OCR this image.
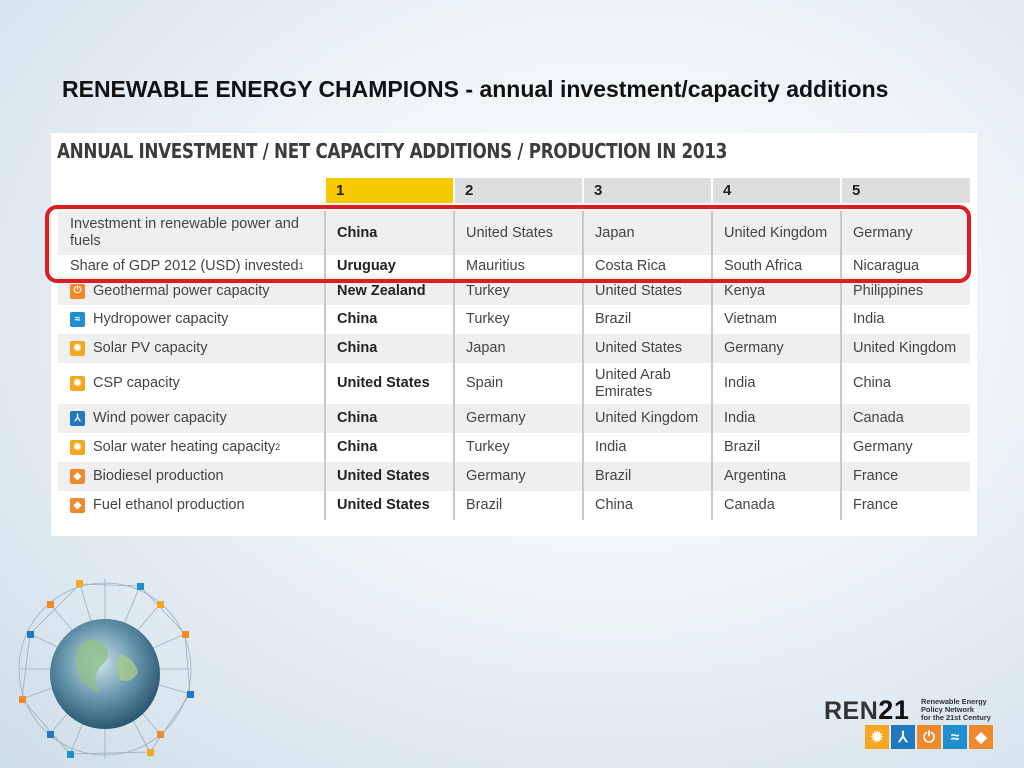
RENEWABLE ENERGY CHAMPIONS - annual investment/capacity additions
ANNUAL INVESTMENT / NET CAPACITY ADDITIONS / PRODUCTION IN 2013
	1	2	3	4	5

Investment in renewable power and fuels	China	United States	Japan	United Kingdom	Germany

Share of GDP 2012 (USD) invested 1	Uruguay	Mauritius	Costa Rica	South Africa	Nicaragua

⏻ Geothermal power capacity	New Zealand	Turkey	United States	Kenya	Philippines

≈ Hydropower capacity	China	Turkey	Brazil	Vietnam	India

✹ Solar PV capacity	China	Japan	United States	Germany	United Kingdom

✹ CSP capacity	United States	Spain	United Arab Emirates	India	China

⅄ Wind power capacity	China	Germany	United Kingdom	India	Canada

✹ Solar water heating capacity 2	China	Turkey	India	Brazil	Germany

◆ Biodiesel production	United States	Germany	Brazil	Argentina	France

◆ Fuel ethanol production	United States	Brazil	China	Canada	France
REN21 Renewable Energy
Policy Network
for the 21st Century
✹	⅄	⏻	≈	◆
